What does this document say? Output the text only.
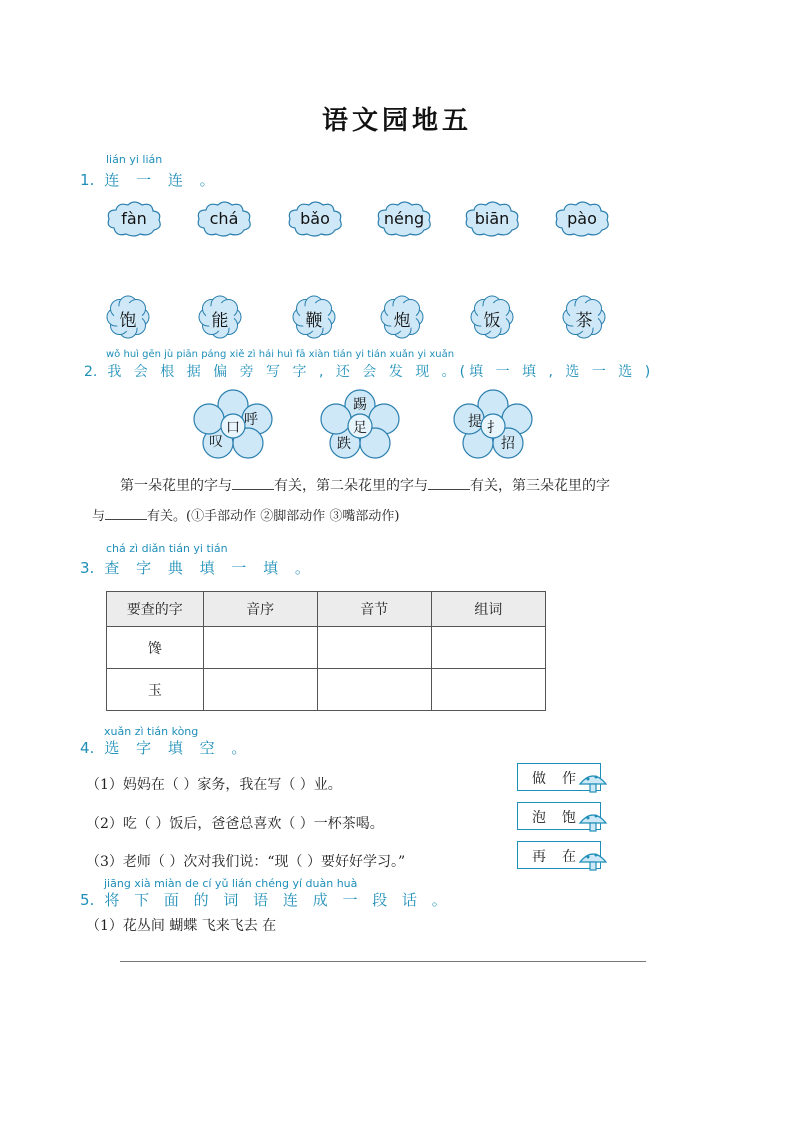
语文园地五
lián yi lián
1. 连 一 连 。
fàn	chá	bǎo	néng	biān	pào
饱	能	鞭	炮	饭	茶
wǒ huì gēn jù piān páng xiě zì hái huì fā xiàn tián yi tián xuǎn yi xuǎn
2. 我 会 根 据 偏 旁 写 字 , 还 会 发 现 。(填 一 填 , 选 一 选 )
口 呼
叹
踢
足
跌
提 扌
招
第一朵花里的字与	有关，第二朵花里的字与	有关，第三朵花里的字
与	有关。(①手部动作 ②脚部动作 ③嘴部动作)
chá zì diǎn tián yi tián
3. 查 字 典 填 一 填 。
要查的字	音序	音节	组词
馋			
玉			
xuǎn zì tián kòng
4. 选 字 填 空 。
（1）妈妈在（ ）家务，我在写（ ）业。
（2）吃（ ）饭后，爸爸总喜欢（ ）一杯茶喝。
（3）老师（ ）次对我们说：“现（ ）要好好学习。”
做 作
泡 饱
再 在
jiāng xià miàn de cí yǔ lián chéng yí duàn huà
5. 将 下 面 的 词 语 连 成 一 段 话 。
（1）花丛间 蝴蝶 飞来飞去 在
